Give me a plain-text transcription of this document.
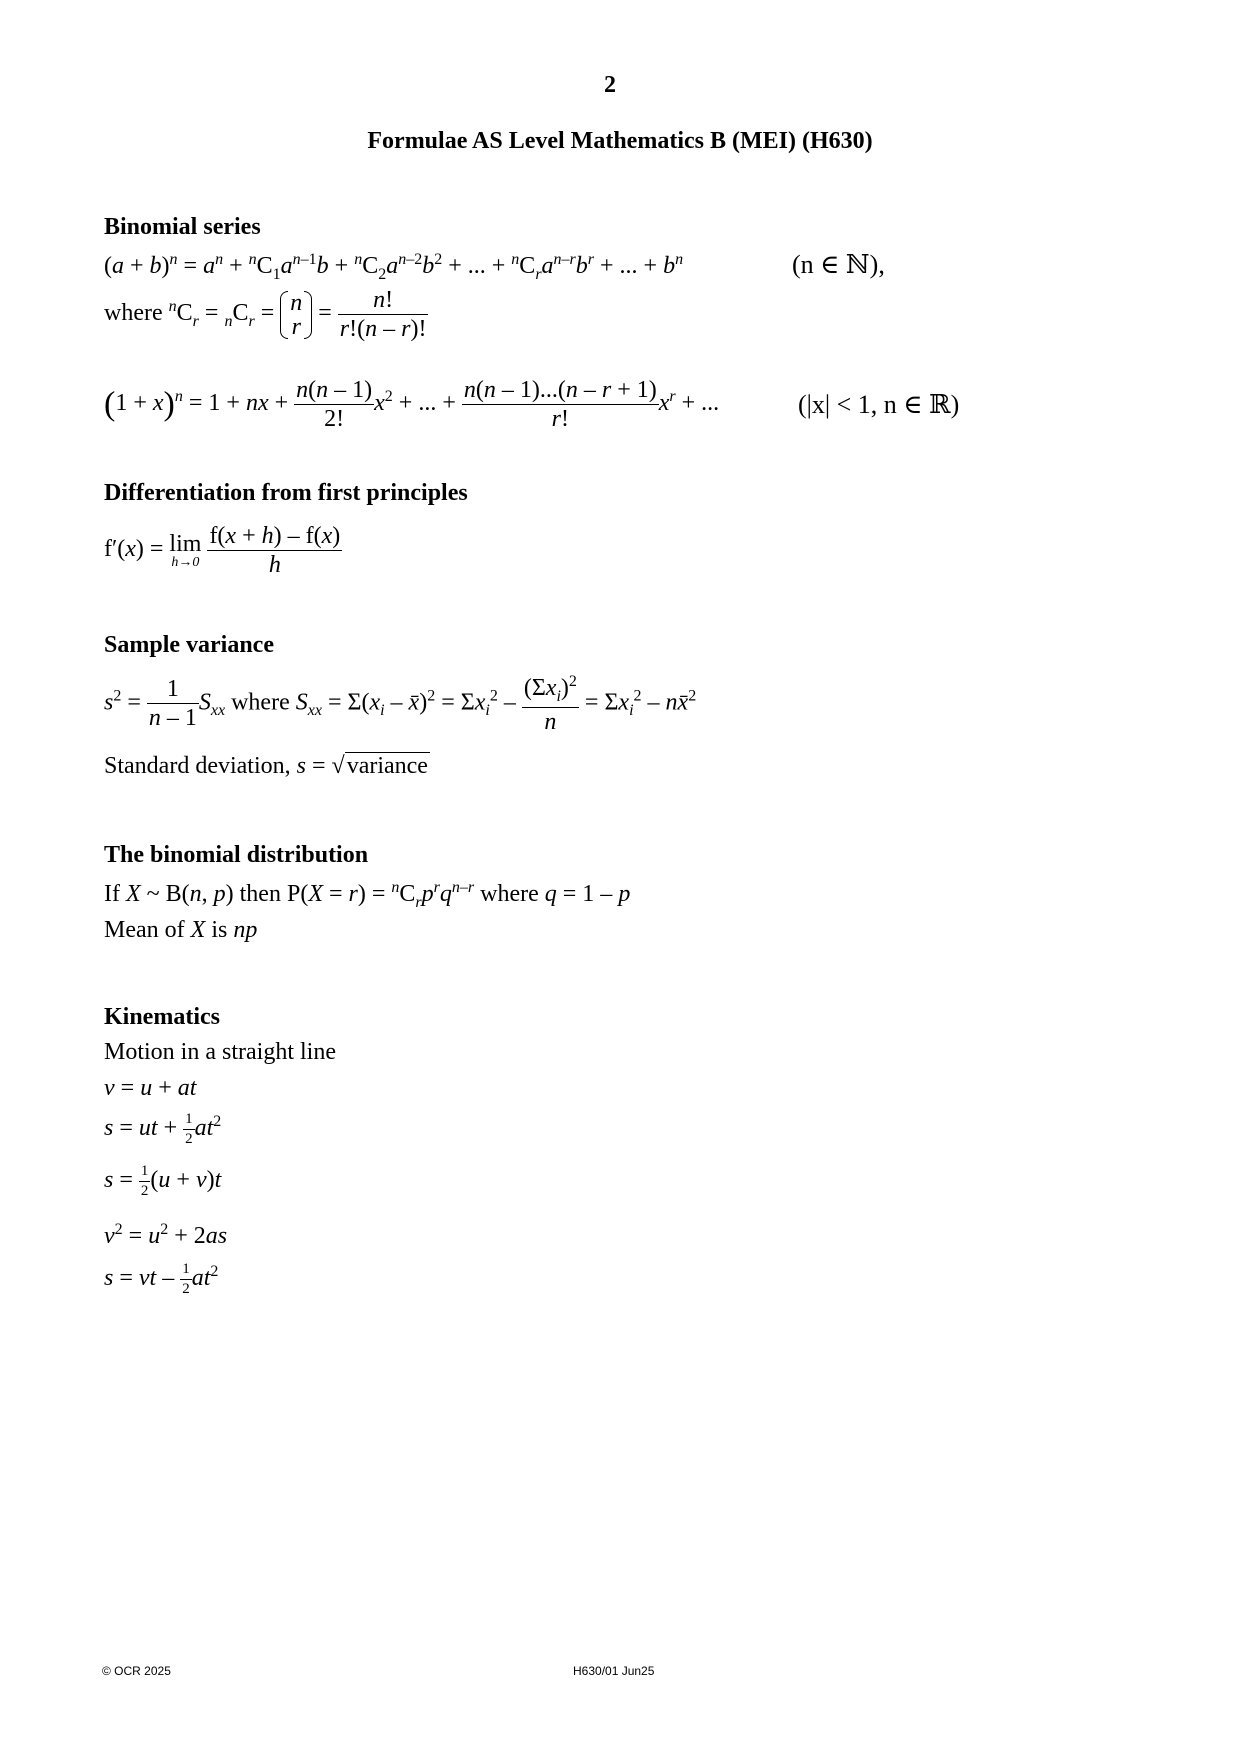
2
Formulae AS Level Mathematics B (MEI) (H630)
Binomial series
$(a + b)^n = a^n + ^nC_1a^{n-1}b + ^nC_2a^{n-2}b^2$ + ... + $^nC_ra^{n-r}b^r$ + ... + $b^n$	(n ∈ ℕ),
where $^nC_r = _nC_r = n$
r
= $\frac{n!}{r!(n - r)!}$
$(1 + x)^n = 1$ + nx + $\frac{n(n - 1)}{2!} x^2$ + ... + $\frac{n(n - 1)...(n - r + 1)}{r!} x^r$ + ...	(|x| < 1, n ∈ ℝ)
Differentiation from first principles
f′(x) = lim
h→0
$\frac{f(x + h) - f(x)}{h}$
Sample variance
$s^2 = \frac{1}{n - 1} S_{xx}$ where $S_{xx} = \Sigma(x_i$ – x̄)$^2$ = $\Sigma x_i^2 - \frac{(\Sigma x_i)^2}{n} = \Sigma x_i^2$ – nx̄$^2$
Standard deviation, s = √variance
The binomial distribution
If X ~ B(n, p) then $P(X = r) = ^nC_rp^rq^{n-r}$ where q = 1 – p
Mean of X is np
Kinematics
Motion in a straight line
v = u + at
s = ut + $\frac{1}{2} at^2$
$s = \frac{1}{2} (u + v)t$
$v^2 = u^2 + 2as$
s = vt – $\frac{1}{2} at^2$
© OCR 2025	H630/01 Jun25
